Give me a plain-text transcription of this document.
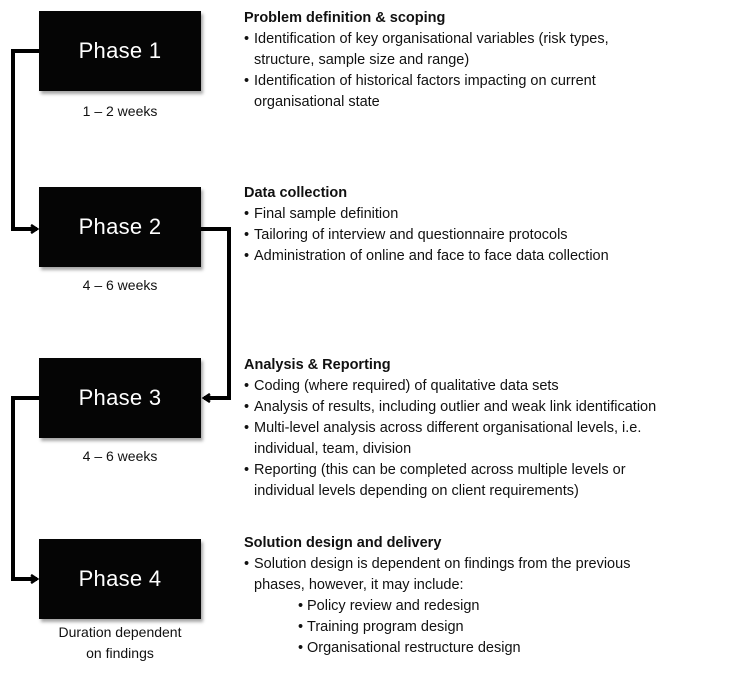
Phase 1
1 – 2 weeks
Phase 2
4 – 6 weeks
Phase 3
4 – 6 weeks
Phase 4
Duration dependent
on findings
Problem definition & scoping
• Identification of key organisational variables (risk types,
structure, sample size and range)
• Identification of historical factors impacting on current
organisational state
Data collection
• Final sample definition
• Tailoring of interview and questionnaire protocols
• Administration of online and face to face data collection
Analysis & Reporting
• Coding (where required) of qualitative data sets
• Analysis of results, including outlier and weak link identification
• Multi-level analysis across different organisational levels, i.e.
individual, team, division
• Reporting (this can be completed across multiple levels or
individual levels depending on client requirements)
Solution design and delivery
• Solution design is dependent on findings from the previous
phases, however, it may include:
• Policy review and redesign
• Training program design
• Organisational restructure design
